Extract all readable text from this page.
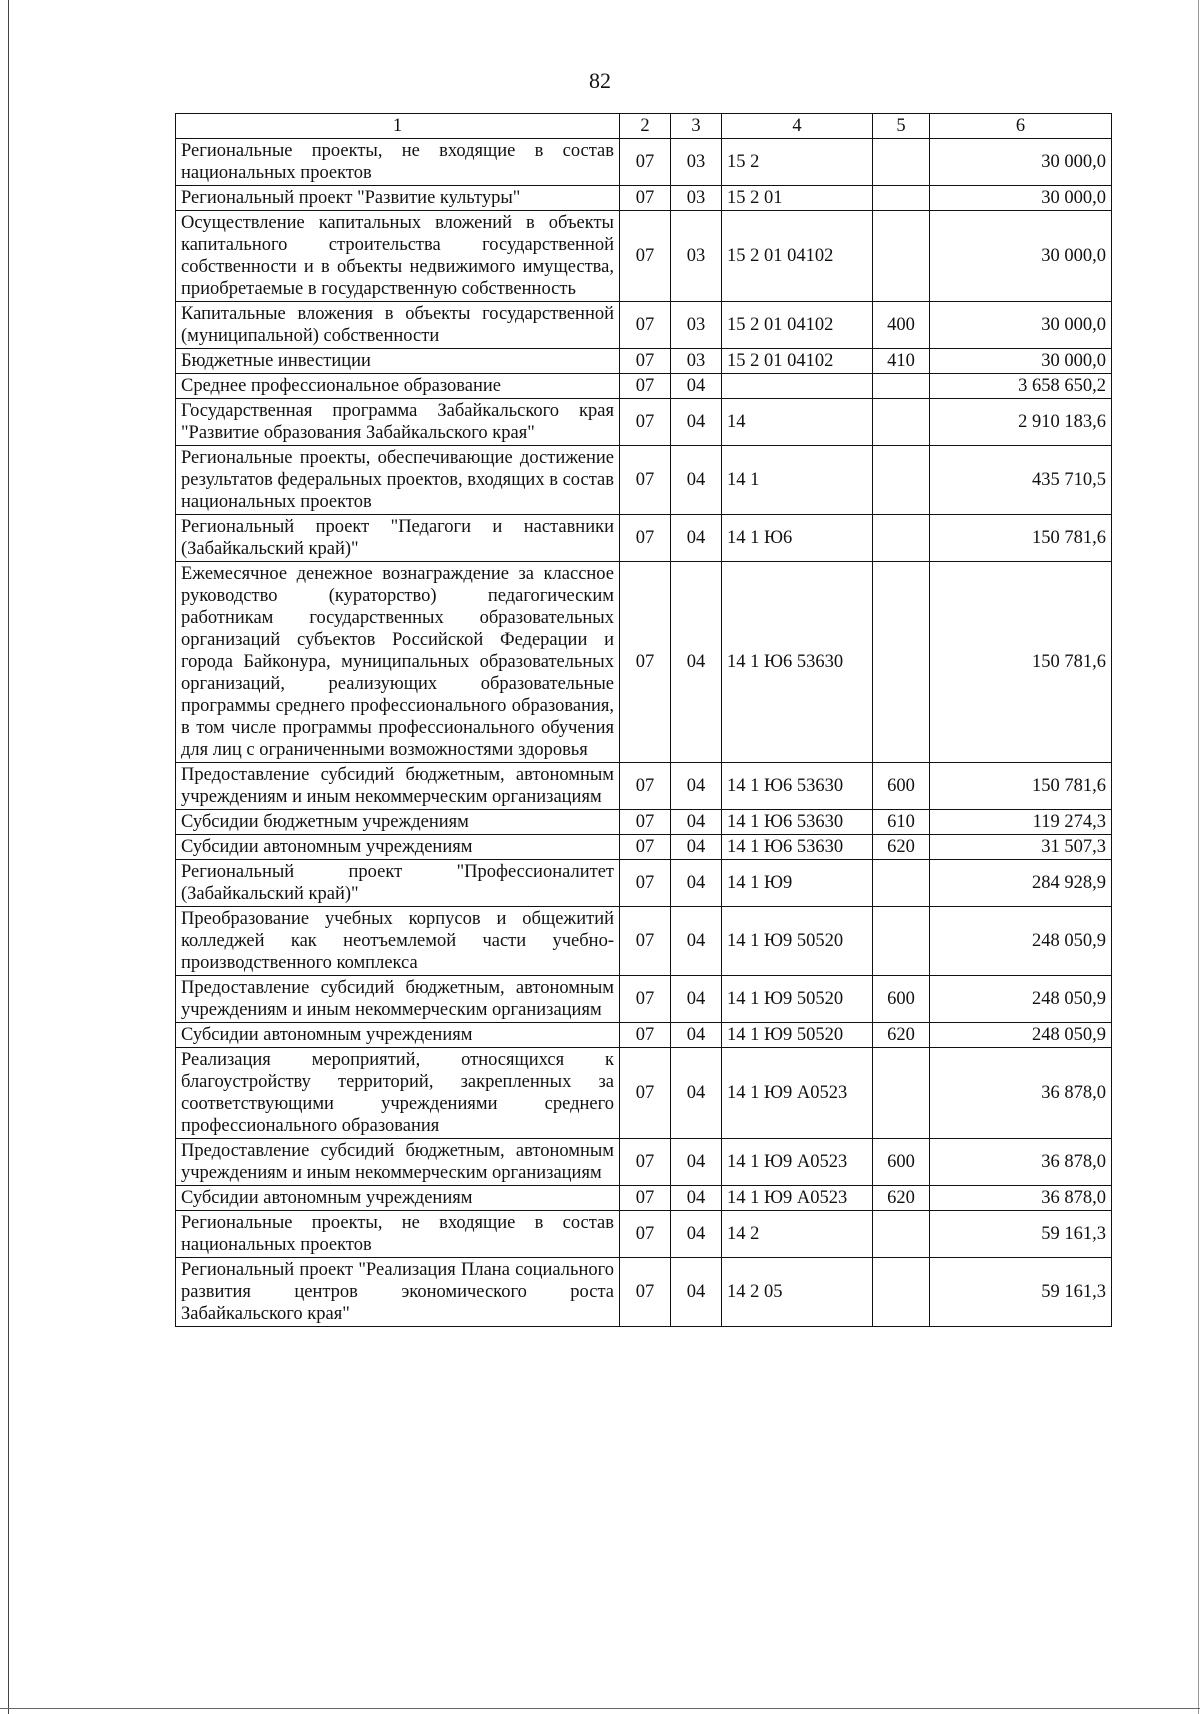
82
1	2	3	4	5	6
Региональные проекты, не входящие в состав национальных проектов	07	03	15 2		30 000,0
Региональный проект "Развитие культуры"	07	03	15 2 01		30 000,0
Осуществление капитальных вложений в объекты капитального строительства государственной собственности и в объекты недвижимого имущества, приобретаемые в государственную собственность	07	03	15 2 01 04102		30 000,0
Капитальные вложения в объекты государственной (муниципальной) собственности	07	03	15 2 01 04102	400	30 000,0
Бюджетные инвестиции	07	03	15 2 01 04102	410	30 000,0
Среднее профессиональное образование	07	04			3 658 650,2
Государственная программа Забайкальского края "Развитие образования Забайкальского края"	07	04	14		2 910 183,6
Региональные проекты, обеспечивающие достижение результатов федеральных проектов, входящих в состав национальных проектов	07	04	14 1		435 710,5
Региональный проект "Педагоги и наставники (Забайкальский край)"	07	04	14 1 Ю6		150 781,6
Ежемесячное денежное вознаграждение за классное руководство (кураторство) педагогическим работникам государственных образовательных организаций субъектов Российской Федерации и города Байконура, муниципальных образовательных организаций, реализующих образовательные программы среднего профессионального образования, в том числе программы профессионального обучения для лиц с ограниченными возможностями здоровья	07	04	14 1 Ю6 53630		150 781,6
Предоставление субсидий бюджетным, автономным учреждениям и иным некоммерческим организациям	07	04	14 1 Ю6 53630	600	150 781,6
Субсидии бюджетным учреждениям	07	04	14 1 Ю6 53630	610	119 274,3
Субсидии автономным учреждениям	07	04	14 1 Ю6 53630	620	31 507,3
Региональный проект "Профессионалитет (Забайкальский край)"	07	04	14 1 Ю9		284 928,9
Преобразование учебных корпусов и общежитий колледжей как неотъемлемой части учебно-производственного комплекса	07	04	14 1 Ю9 50520		248 050,9
Предоставление субсидий бюджетным, автономным учреждениям и иным некоммерческим организациям	07	04	14 1 Ю9 50520	600	248 050,9
Субсидии автономным учреждениям	07	04	14 1 Ю9 50520	620	248 050,9
Реализация мероприятий, относящихся к благоустройству территорий, закрепленных за соответствующими учреждениями среднего профессионального образования	07	04	14 1 Ю9 А0523		36 878,0
Предоставление субсидий бюджетным, автономным учреждениям и иным некоммерческим организациям	07	04	14 1 Ю9 А0523	600	36 878,0
Субсидии автономным учреждениям	07	04	14 1 Ю9 А0523	620	36 878,0
Региональные проекты, не входящие в состав национальных проектов	07	04	14 2		59 161,3
Региональный проект "Реализация Плана социального развития центров экономического роста Забайкальского края"	07	04	14 2 05		59 161,3
